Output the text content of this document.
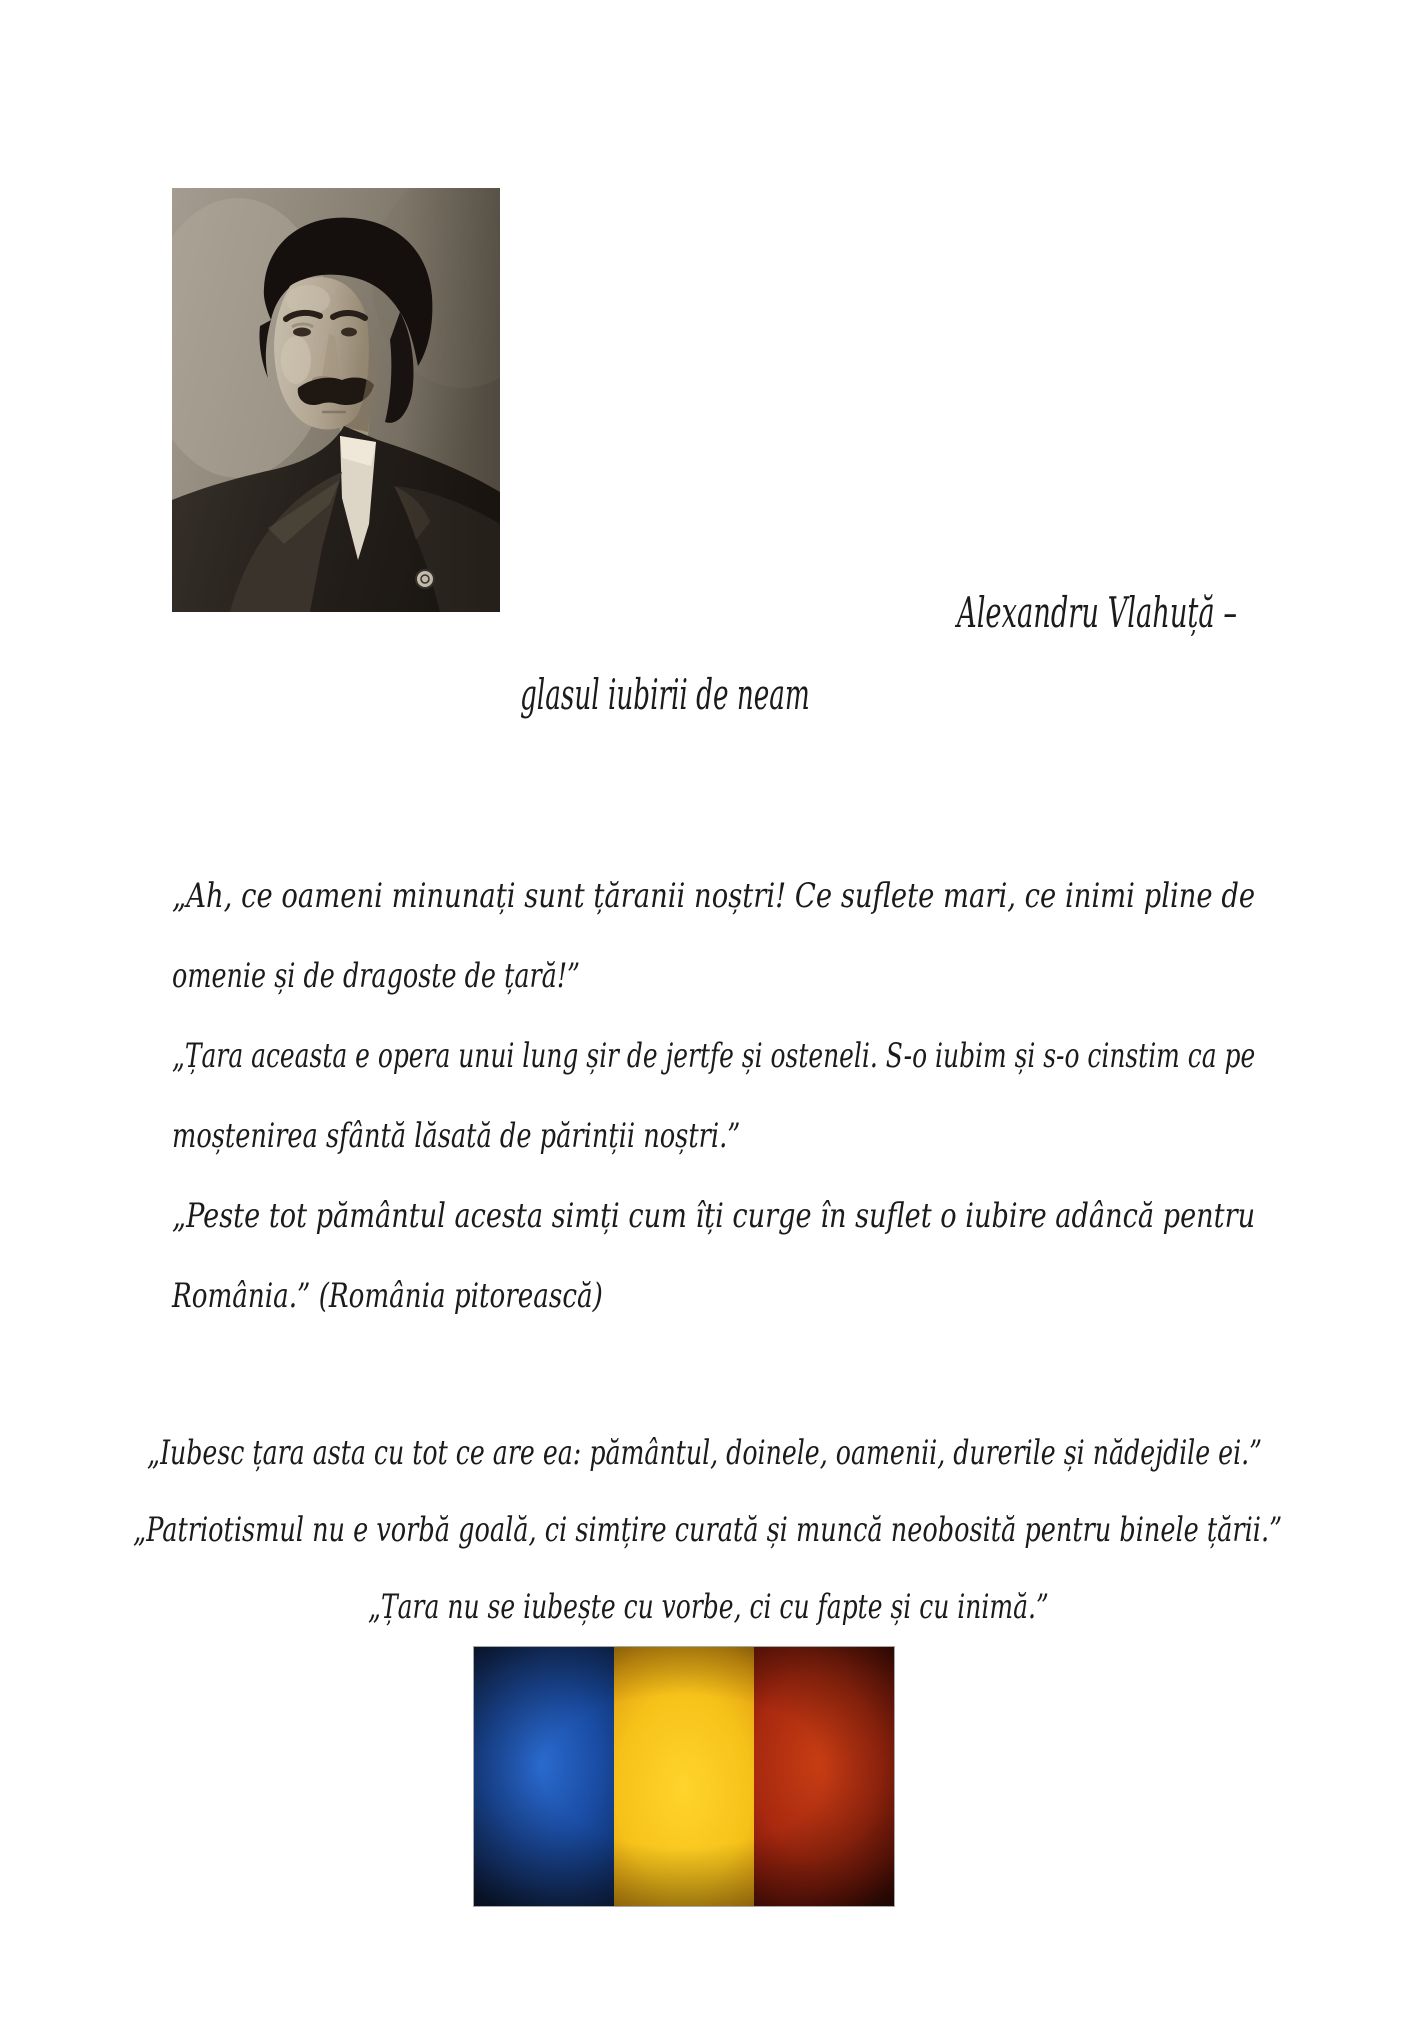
Alexandru Vlahuță –
glasul iubirii de neam
„Ah, ce oameni minunați sunt țăranii noștri! Ce suflete mari, ce inimi pline de
omenie și de dragoste de țară!”
„Țara aceasta e opera unui lung șir de jertfe și osteneli. S-o iubim și s-o cinstim ca pe
moștenirea sfântă lăsată de părinții noștri.”
„Peste tot pământul acesta simți cum îți curge în suflet o iubire adâncă pentru
România.” (România pitorească)
„Iubesc țara asta cu tot ce are ea: pământul, doinele, oamenii, durerile și nădejdile ei.”
„Patriotismul nu e vorbă goală, ci simțire curată și muncă neobosită pentru binele țării.”
„Țara nu se iubește cu vorbe, ci cu fapte și cu inimă.”
